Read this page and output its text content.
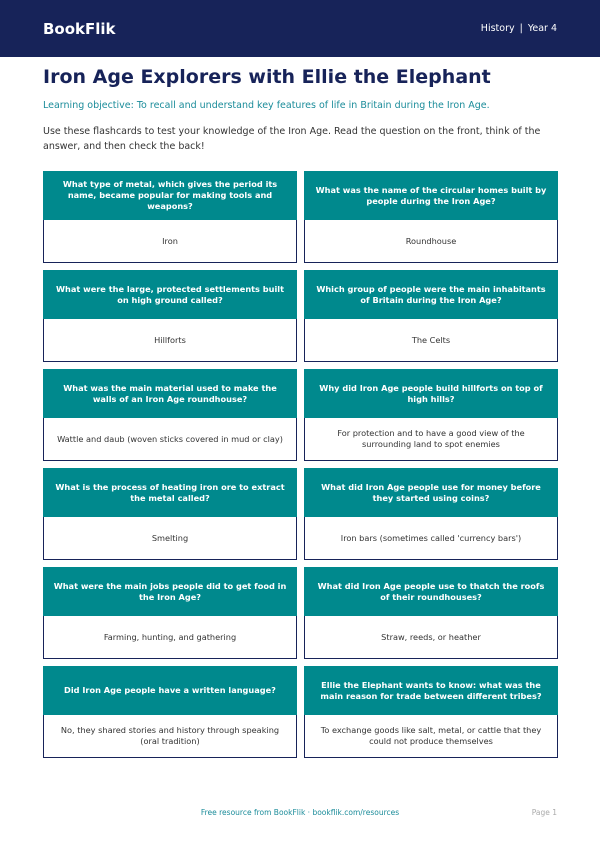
BookFlik	History | Year 4
Iron Age Explorers with Ellie the Elephant
Learning objective: To recall and understand key features of life in Britain during the Iron Age.
Use these flashcards to test your knowledge of the Iron Age. Read the question on the front, think of the answer, and then check the back!
What type of metal, which gives the period its name, became popular for making tools and weapons?
Iron
What was the name of the circular homes built by people during the Iron Age?
Roundhouse
What were the large, protected settlements built on high ground called?
Hillforts
Which group of people were the main inhabitants of Britain during the Iron Age?
The Celts
What was the main material used to make the walls of an Iron Age roundhouse?
Wattle and daub (woven sticks covered in mud or clay)
Why did Iron Age people build hillforts on top of high hills?
For protection and to have a good view of the surrounding land to spot enemies
What is the process of heating iron ore to extract the metal called?
Smelting
What did Iron Age people use for money before they started using coins?
Iron bars (sometimes called 'currency bars')
What were the main jobs people did to get food in the Iron Age?
Farming, hunting, and gathering
What did Iron Age people use to thatch the roofs of their roundhouses?
Straw, reeds, or heather
Did Iron Age people have a written language?
No, they shared stories and history through speaking (oral tradition)
Ellie the Elephant wants to know: what was the main reason for trade between different tribes?
To exchange goods like salt, metal, or cattle that they could not produce themselves
Free resource from BookFlik · bookflik.com/resources	Page 1
